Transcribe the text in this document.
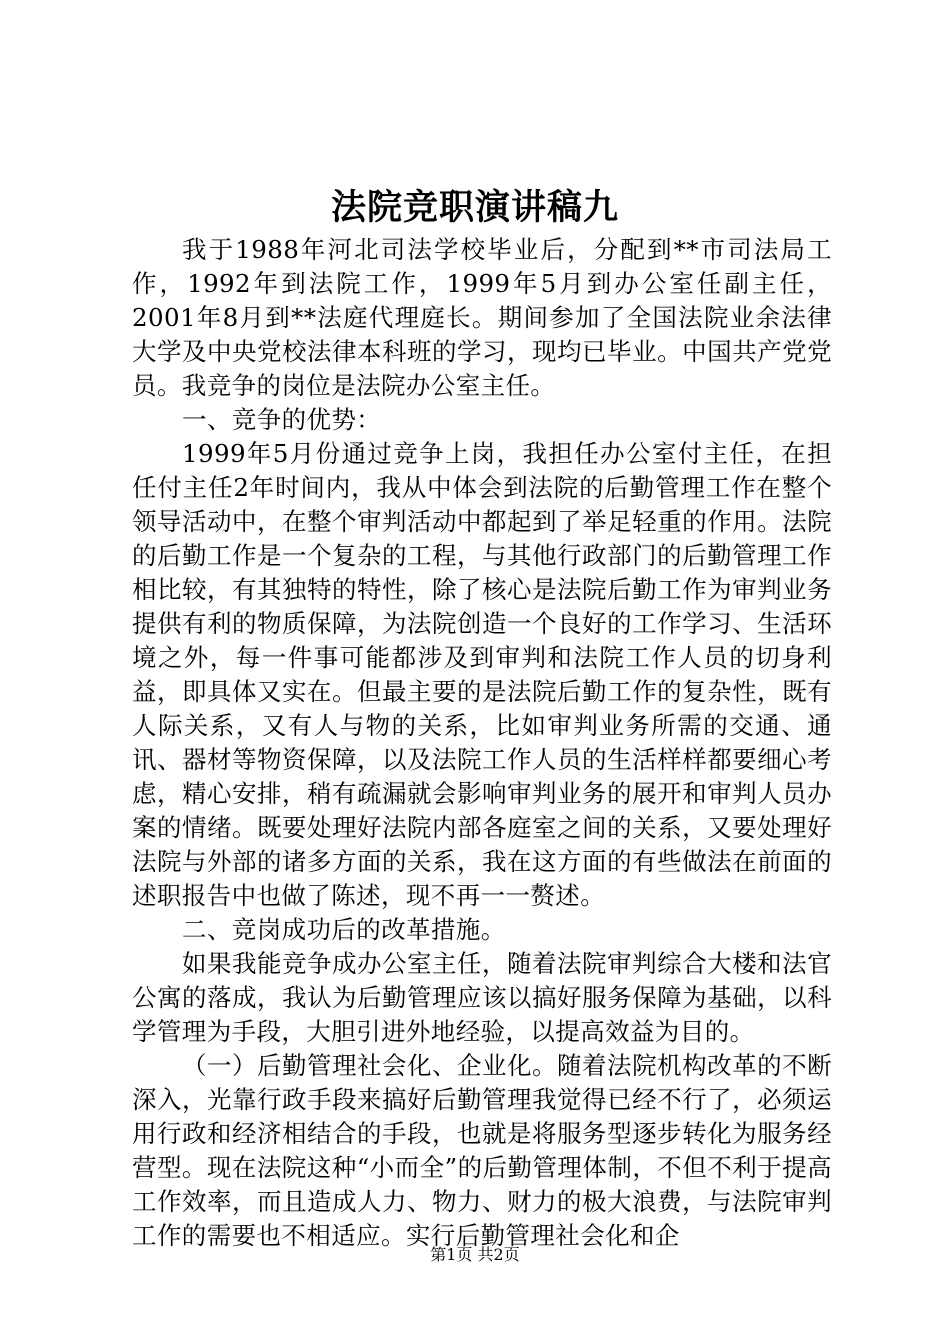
法院竞职演讲稿九

我于1988年河北司法学校毕业后，分配到**市司法局工作，1992年到法院工作，1999年5月到办公室任副主任，2001年8月到**法庭代理庭长。期间参加了全国法院业余法律大学及中央党校法律本科班的学习，现均已毕业。中国共产党党员。我竞争的岗位是法院办公室主任。

一、竞争的优势：

1999年5月份通过竞争上岗，我担任办公室付主任，在担任付主任2年时间内，我从中体会到法院的后勤管理工作在整个领导活动中，在整个审判活动中都起到了举足轻重的作用。法院的后勤工作是一个复杂的工程，与其他行政部门的后勤管理工作相比较，有其独特的特性，除了核心是法院后勤工作为审判业务提供有利的物质保障，为法院创造一个良好的工作学习、生活环境之外，每一件事可能都涉及到审判和法院工作人员的切身利益，即具体又实在。但最主要的是法院后勤工作的复杂性，既有人际关系，又有人与物的关系，比如审判业务所需的交通、通讯、器材等物资保障，以及法院工作人员的生活样样都要细心考虑，精心安排，稍有疏漏就会影响审判业务的展开和审判人员办案的情绪。既要处理好法院内部各庭室之间的关系，又要处理好法院与外部的诸多方面的关系，我在这方面的有些做法在前面的述职报告中也做了陈述，现不再一一赘述。

二、竞岗成功后的改革措施。

如果我能竞争成办公室主任，随着法院审判综合大楼和法官公寓的落成，我认为后勤管理应该以搞好服务保障为基础，以科学管理为手段，大胆引进外地经验，以提高效益为目的。

（一）后勤管理社会化、企业化。随着法院机构改革的不断深入，光靠行政手段来搞好后勤管理我觉得已经不行了，必须运用行政和经济相结合的手段，也就是将服务型逐步转化为服务经营型。现在法院这种“小而全”的后勤管理体制，不但不利于提高工作效率，而且造成人力、物力、财力的极大浪费，与法院审判工作的需要也不相适应。实行后勤管理社会化和企

第1页 共2页
